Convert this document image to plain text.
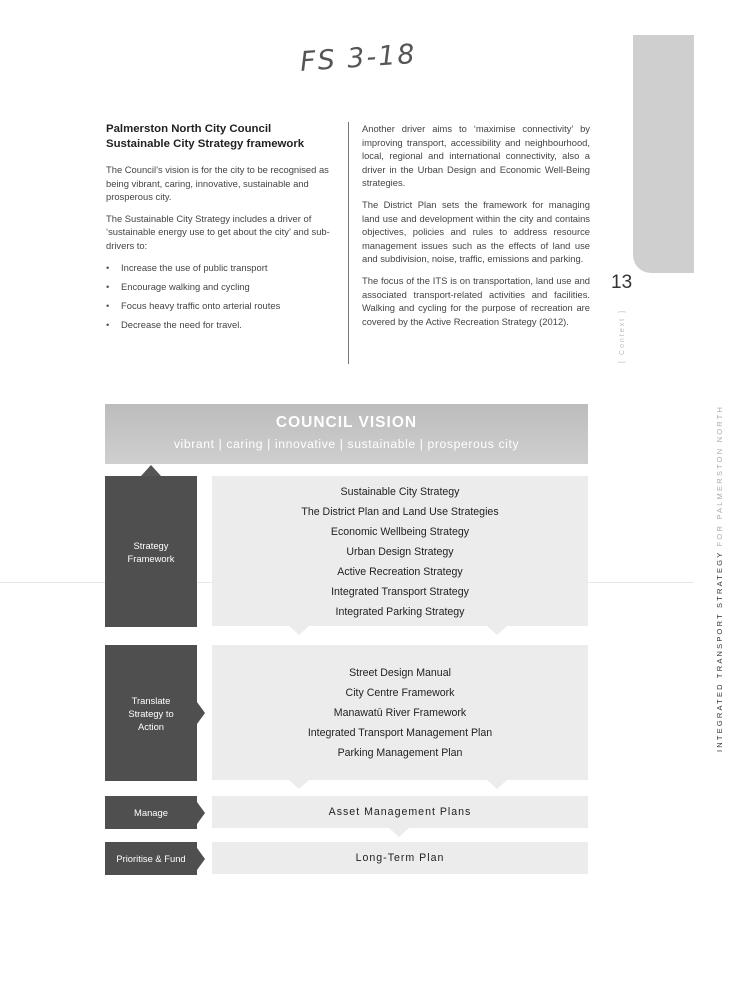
FS 3-18
13
[ Context ]
INTEGRATED TRANSPORT STRATEGY FOR PALMERSTON NORTH
Palmerston North City Council Sustainable City Strategy framework

The Council’s vision is for the city to be recognised as being vibrant, caring, innovative, sustainable and prosperous city.

The Sustainable City Strategy includes a driver of ‘sustainable energy use to get about the city’ and sub-drivers to:

• Increase the use of public transport
• Encourage walking and cycling
• Focus heavy traffic onto arterial routes
• Decrease the need for travel.

Another driver aims to ‘maximise connectivity’ by improving transport, accessibility and neighbourhood, local, regional and international connectivity, also a driver in the Urban Design and Economic Well-Being strategies.

The District Plan sets the framework for managing land use and development within the city and contains objectives, policies and rules to address resource management issues such as the effects of land use and subdivision, noise, traffic, emissions and parking.

The focus of the ITS is on transportation, land use and associated transport-related activities and facilities. Walking and cycling for the purpose of recreation are covered by the Active Recreation Strategy (2012).

COUNCIL VISION
vibrant | caring | innovative | sustainable | prosperous city
Strategy
Framework
Sustainable City Strategy
The District Plan and Land Use Strategies
Economic Wellbeing Strategy
Urban Design Strategy
Active Recreation Strategy
Integrated Transport Strategy
Integrated Parking Strategy
Translate
Strategy to
Action
Street Design Manual
City Centre Framework
Manawatū River Framework
Integrated Transport Management Plan
Parking Management Plan
Manage	Asset Management Plans
Prioritise & Fund	Long-Term Plan
